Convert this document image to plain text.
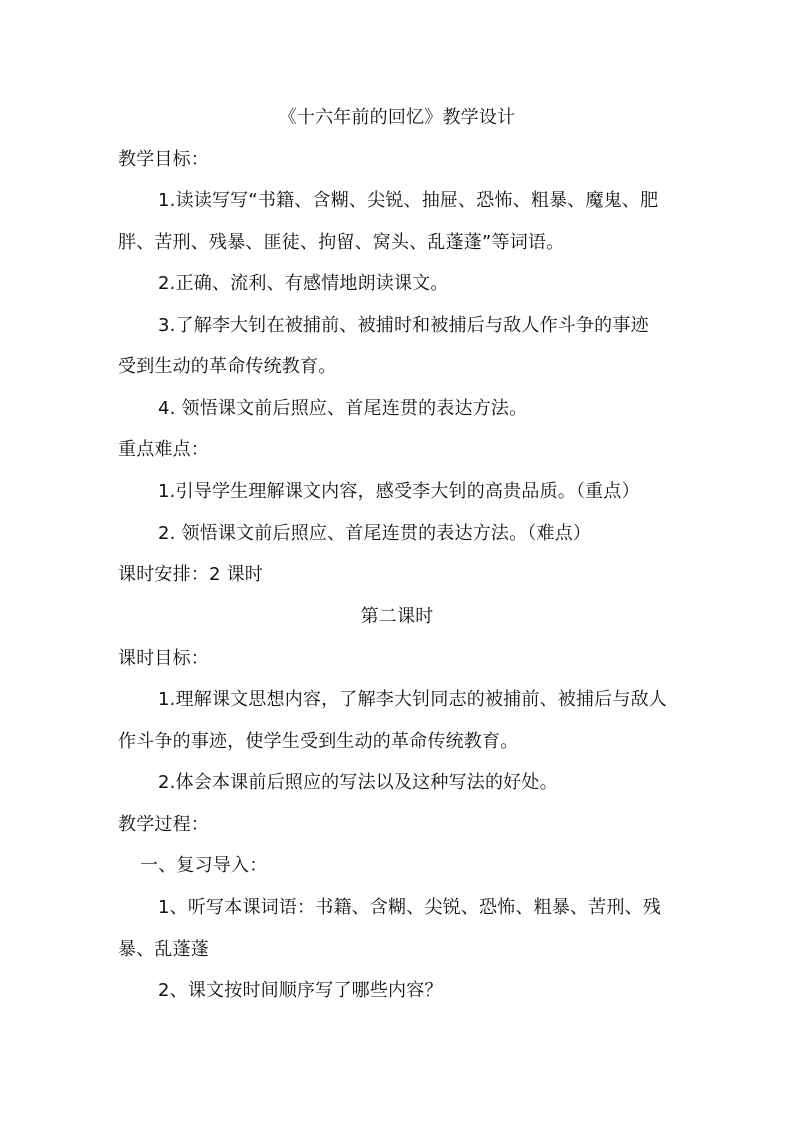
《十六年前的回忆》教学设计
教学目标：
1.读读写写“书籍、含糊、尖锐、抽屉、恐怖、粗暴、魔鬼、肥
胖、苦刑、残暴、匪徒、拘留、窝头、乱蓬蓬”等词语。
2.正确、流利、有感情地朗读课文。
3.了解李大钊在被捕前、被捕时和被捕后与敌人作斗争的事迹
受到生动的革命传统教育。
4. 领悟课文前后照应、首尾连贯的表达方法。
重点难点：
1.引导学生理解课文内容，感受李大钊的高贵品质。（重点）
2. 领悟课文前后照应、首尾连贯的表达方法。（难点）
课时安排：2 课时
第二课时
课时目标：
1.理解课文思想内容，了解李大钊同志的被捕前、被捕后与敌人
作斗争的事迹，使学生受到生动的革命传统教育。
2.体会本课前后照应的写法以及这种写法的好处。
教学过程：
一、复习导入：
1、听写本课词语：书籍、含糊、尖锐、恐怖、粗暴、苦刑、残
暴、乱蓬蓬
2、课文按时间顺序写了哪些内容？
